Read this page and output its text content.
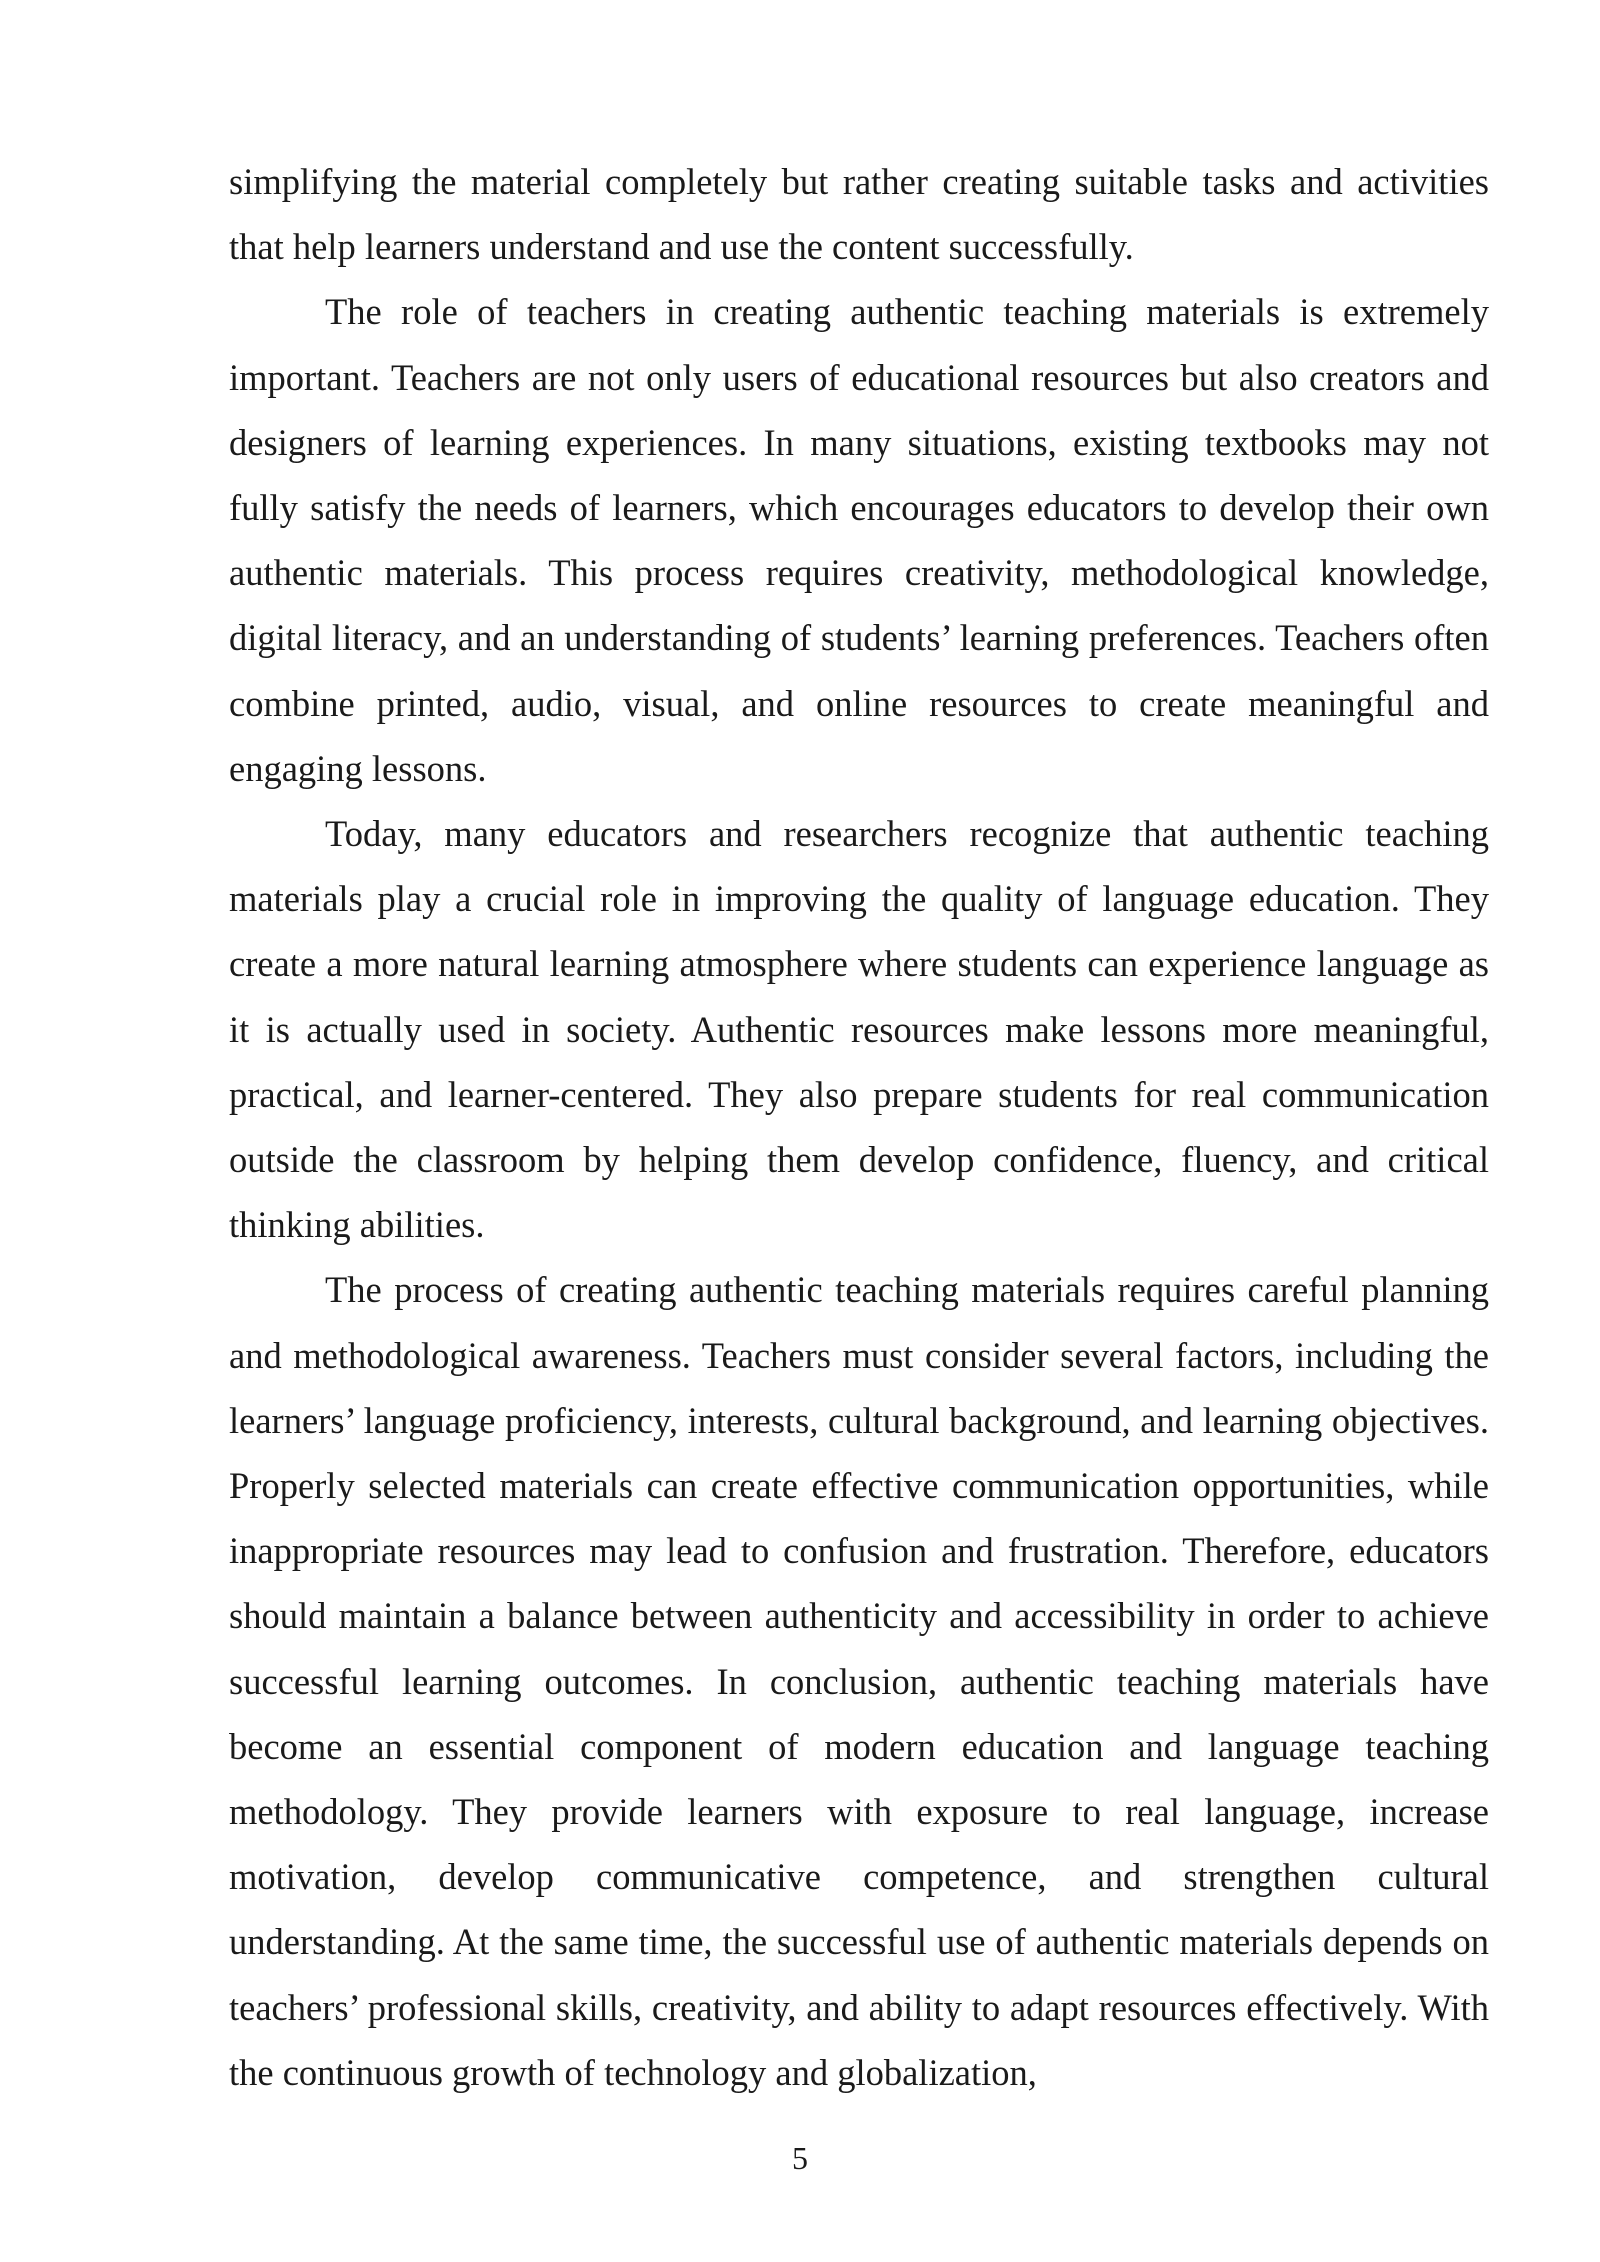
simplifying the material completely but rather creating suitable tasks and activities that help learners understand and use the content successfully.

The role of teachers in creating authentic teaching materials is extremely important. Teachers are not only users of educational resources but also creators and designers of learning experiences. In many situations, existing textbooks may not fully satisfy the needs of learners, which encourages educators to develop their own authentic materials. This process requires creativity, methodological knowledge, digital literacy, and an understanding of students’ learning preferences. Teachers often combine printed, audio, visual, and online resources to create meaningful and engaging lessons.

Today, many educators and researchers recognize that authentic teaching materials play a crucial role in improving the quality of language education. They create a more natural learning atmosphere where students can experience language as it is actually used in society. Authentic resources make lessons more meaningful, practical, and learner-centered. They also prepare students for real communication outside the classroom by helping them develop confidence, fluency, and critical thinking abilities.

The process of creating authentic teaching materials requires careful planning and methodological awareness. Teachers must consider several factors, including the learners’ language proficiency, interests, cultural background, and learning objectives. Properly selected materials can create effective communication opportunities, while inappropriate resources may lead to confusion and frustration. Therefore, educators should maintain a balance between authenticity and accessibility in order to achieve successful learning outcomes. In conclusion, authentic teaching materials have become an essential component of modern education and language teaching methodology. They provide learners with exposure to real language, increase motivation, develop communicative competence, and strengthen cultural understanding. At the same time, the successful use of authentic materials depends on teachers’ professional skills, creativity, and ability to adapt resources effectively. With the continuous growth of technology and globalization,

5
